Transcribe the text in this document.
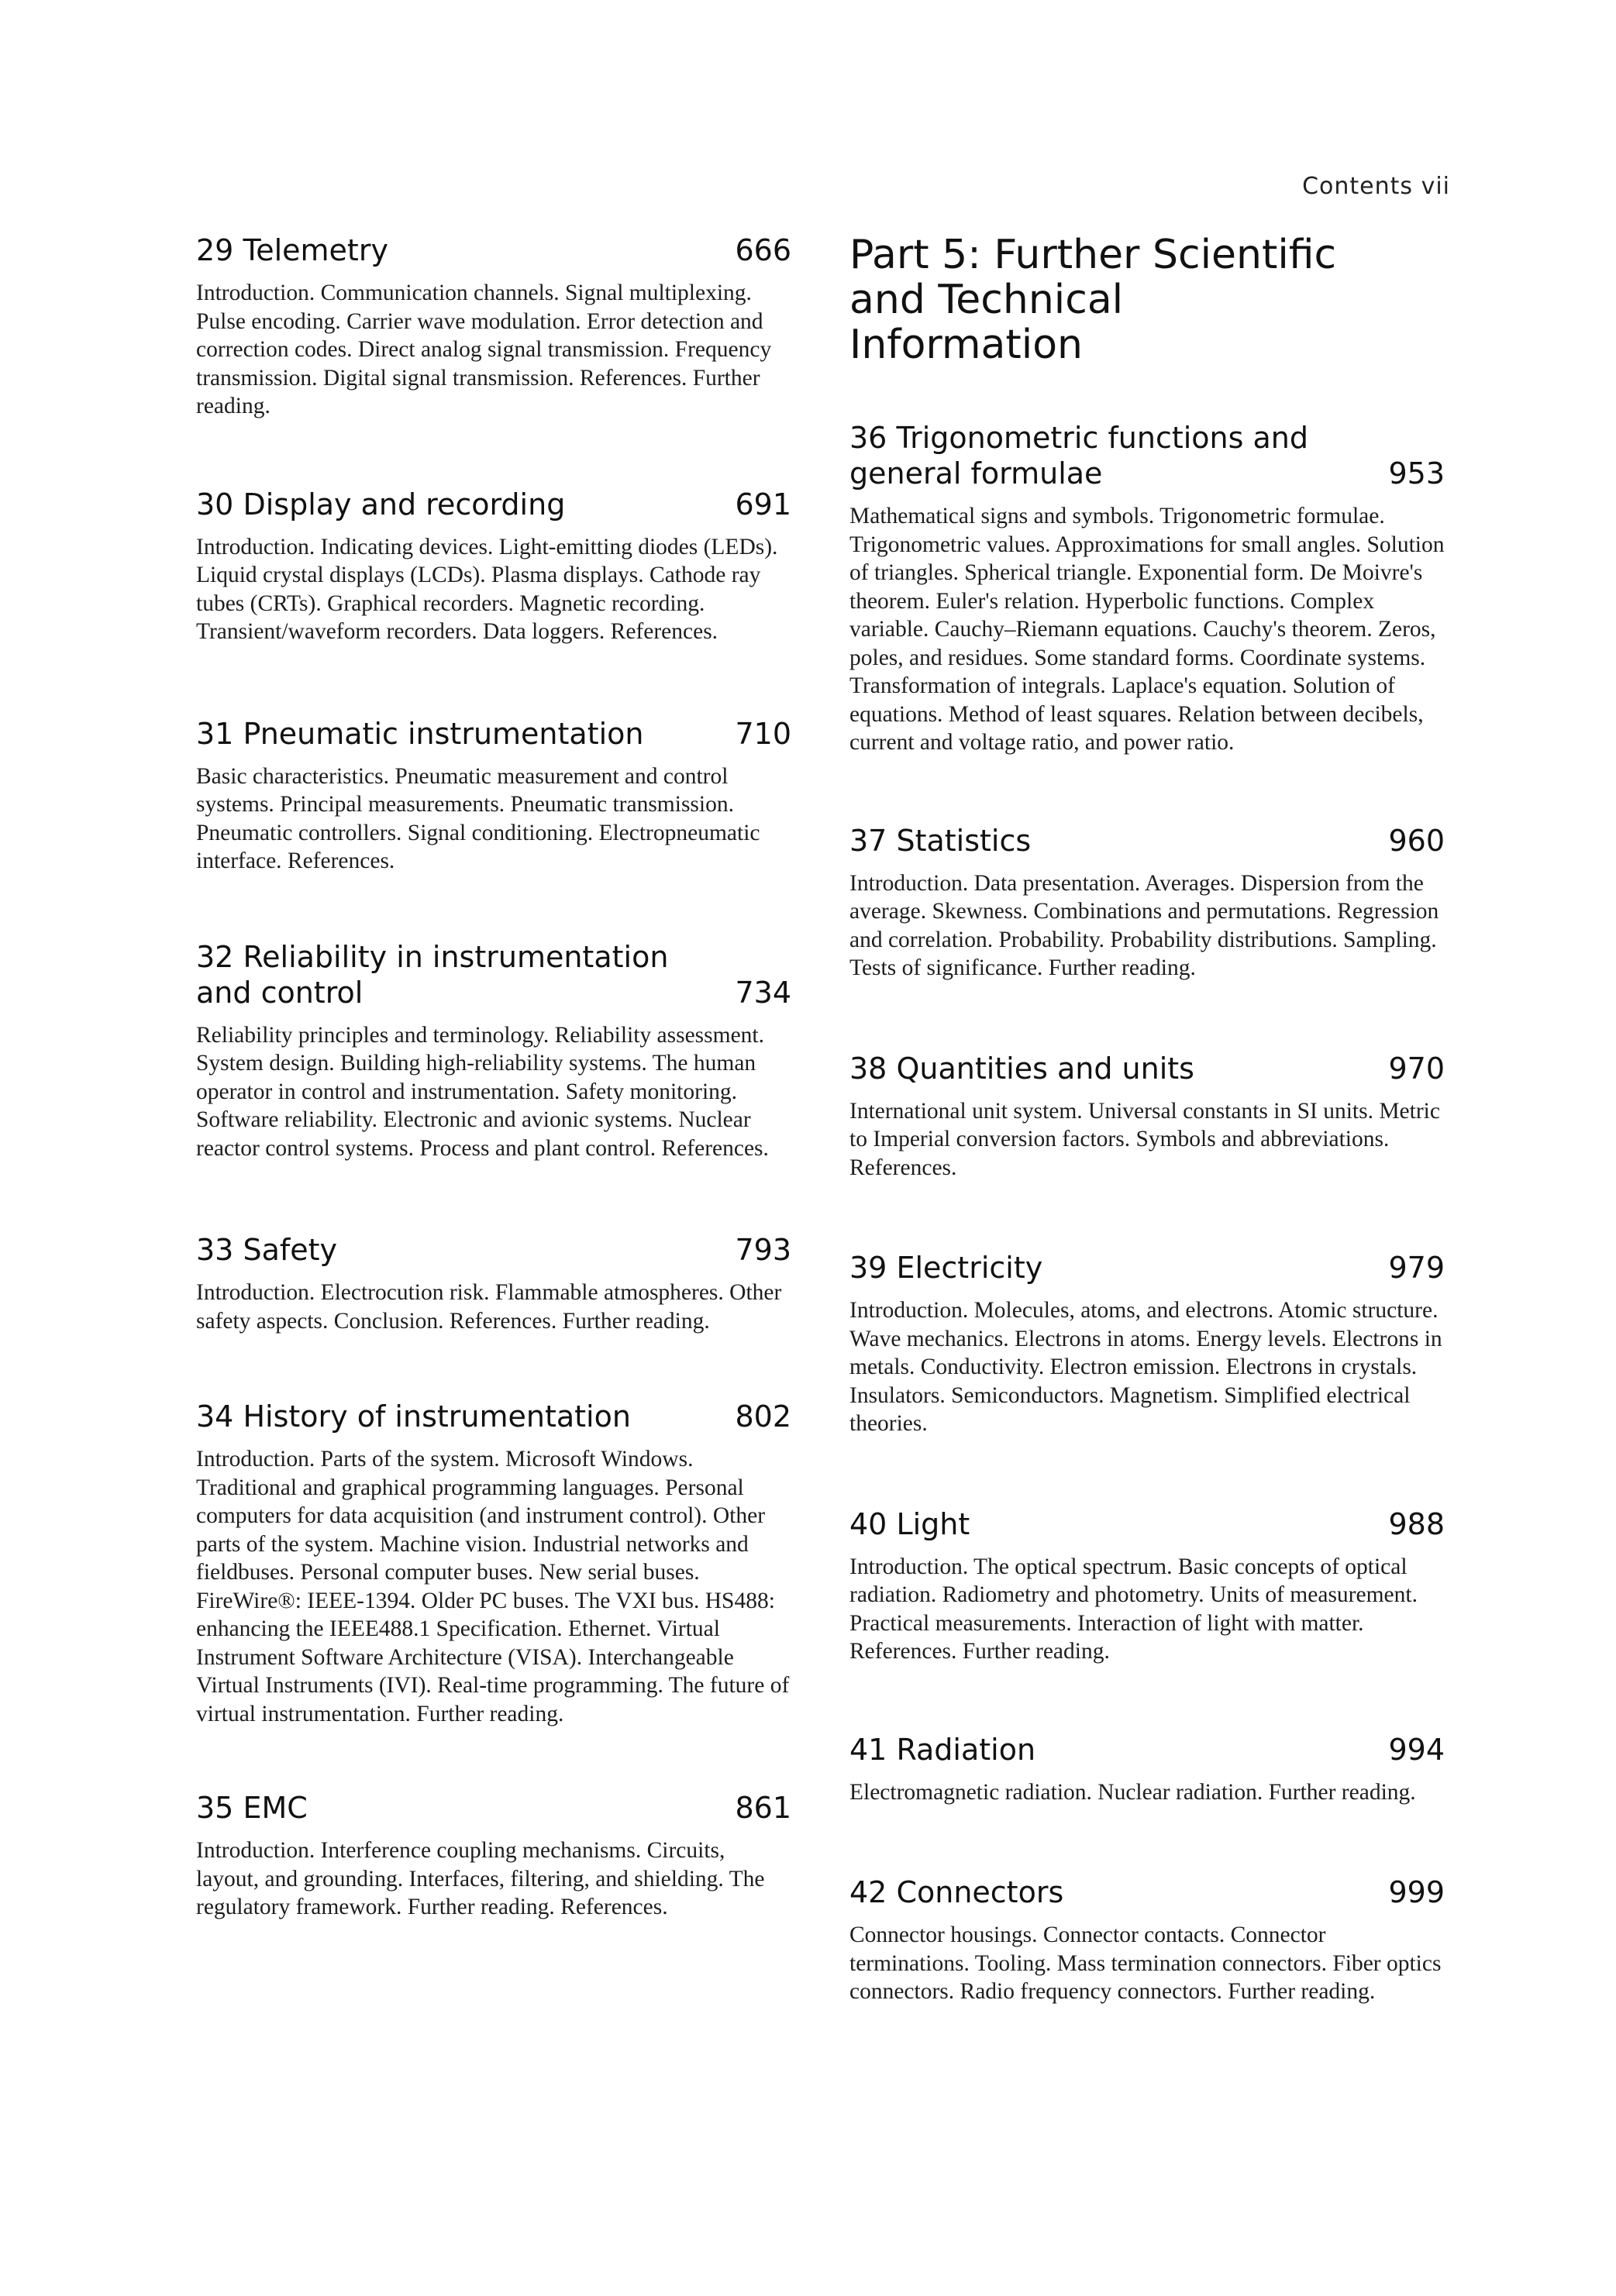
Contents vii
29 Telemetry	666

Introduction. Communication channels. Signal multiplexing. Pulse encoding. Carrier wave modulation. Error detection and correction codes. Direct analog signal transmission. Frequency transmission. Digital signal transmission. References. Further reading.

30 Display and recording	691

Introduction. Indicating devices. Light-emitting diodes (LEDs). Liquid crystal displays (LCDs). Plasma displays. Cathode ray tubes (CRTs). Graphical recorders. Magnetic recording. Transient/waveform recorders. Data loggers. References.

31 Pneumatic instrumentation	710

Basic characteristics. Pneumatic measurement and control systems. Principal measurements. Pneumatic transmission. Pneumatic controllers. Signal conditioning. Electropneumatic interface. References.

32 Reliability in instrumentation and control	734

Reliability principles and terminology. Reliability assessment. System design. Building high-reliability systems. The human operator in control and instrumentation. Safety monitoring. Software reliability. Electronic and avionic systems. Nuclear reactor control systems. Process and plant control. References.

33 Safety	793

Introduction. Electrocution risk. Flammable atmospheres. Other safety aspects. Conclusion. References. Further reading.

34 History of instrumentation	802

Introduction. Parts of the system. Microsoft Windows. Traditional and graphical programming languages. Personal computers for data acquisition (and instrument control). Other parts of the system. Machine vision. Industrial networks and fieldbuses. Personal computer buses. New serial buses. FireWire®: IEEE-1394. Older PC buses. The VXI bus. HS488: enhancing the IEEE488.1 Specification. Ethernet. Virtual Instrument Software Architecture (VISA). Interchangeable Virtual Instruments (IVI). Real-time programming. The future of virtual instrumentation. Further reading.

35 EMC	861

Introduction. Interference coupling mechanisms. Circuits, layout, and grounding. Interfaces, filtering, and shielding. The regulatory framework. Further reading. References.

Part 5: Further Scientific and Technical Information
36 Trigonometric functions and general formulae	953

Mathematical signs and symbols. Trigonometric formulae. Trigonometric values. Approximations for small angles. Solution of triangles. Spherical triangle. Exponential form. De Moivre's theorem. Euler's relation. Hyperbolic functions. Complex variable. Cauchy–Riemann equations. Cauchy's theorem. Zeros, poles, and residues. Some standard forms. Coordinate systems. Transformation of integrals. Laplace's equation. Solution of equations. Method of least squares. Relation between decibels, current and voltage ratio, and power ratio.

37 Statistics	960

Introduction. Data presentation. Averages. Dispersion from the average. Skewness. Combinations and permutations. Regression and correlation. Probability. Probability distributions. Sampling. Tests of significance. Further reading.

38 Quantities and units	970

International unit system. Universal constants in SI units. Metric to Imperial conversion factors. Symbols and abbreviations. References.

39 Electricity	979

Introduction. Molecules, atoms, and electrons. Atomic structure. Wave mechanics. Electrons in atoms. Energy levels. Electrons in metals. Conductivity. Electron emission. Electrons in crystals. Insulators. Semiconductors. Magnetism. Simplified electrical theories.

40 Light	988

Introduction. The optical spectrum. Basic concepts of optical radiation. Radiometry and photometry. Units of measurement. Practical measurements. Interaction of light with matter. References. Further reading.

41 Radiation	994

Electromagnetic radiation. Nuclear radiation. Further reading.

42 Connectors	999

Connector housings. Connector contacts. Connector terminations. Tooling. Mass termination connectors. Fiber optics connectors. Radio frequency connectors. Further reading.
